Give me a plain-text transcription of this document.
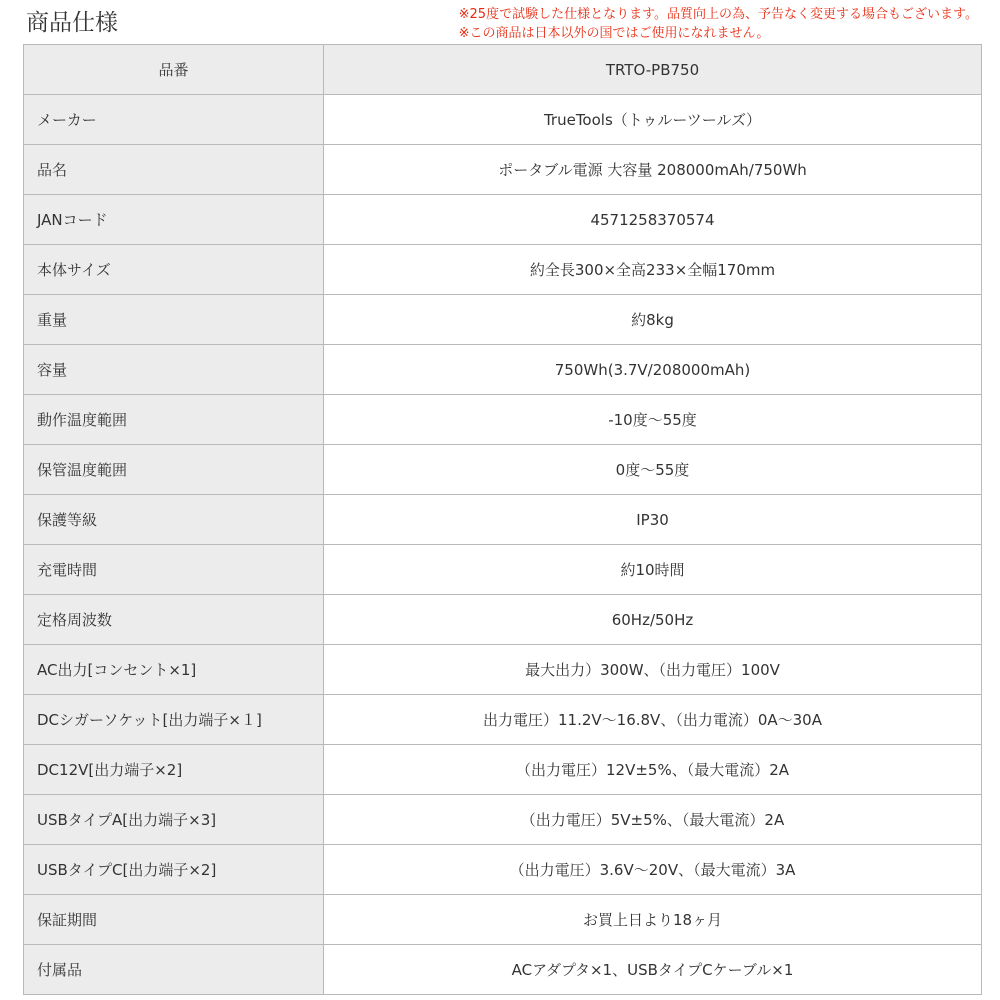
商品仕様	※25度で試験した仕様となります。品質向上の為、予告なく変更する場合もございます。
※この商品は日本以外の国ではご使用になれません。
品番	TRTO-PB750
メーカー	TrueTools（トゥルーツールズ）
品名	ポータブル電源 大容量 208000mAh/750Wh
JANコード	4571258370574
本体サイズ	約全長300×全高233×全幅170mm
重量	約8kg
容量	750Wh(3.7V/208000mAh)
動作温度範囲	-10度～55度
保管温度範囲	0度～55度
保護等級	IP30
充電時間	約10時間
定格周波数	60Hz/50Hz
AC出力[コンセント×1]	最大出力）300W、（出力電圧）100V
DCシガーソケット[出力端子×１]	出力電圧）11.2V～16.8V、（出力電流）0A～30A
DC12V[出力端子×2]	（出力電圧）12V±5%、（最大電流）2A
USBタイプA[出力端子×3]	（出力電圧）5V±5%、（最大電流）2A
USBタイプC[出力端子×2]	（出力電圧）3.6V～20V、（最大電流）3A
保証期間	お買上日より18ヶ月
付属品	ACアダプタ×1、USBタイプCケーブル×1
